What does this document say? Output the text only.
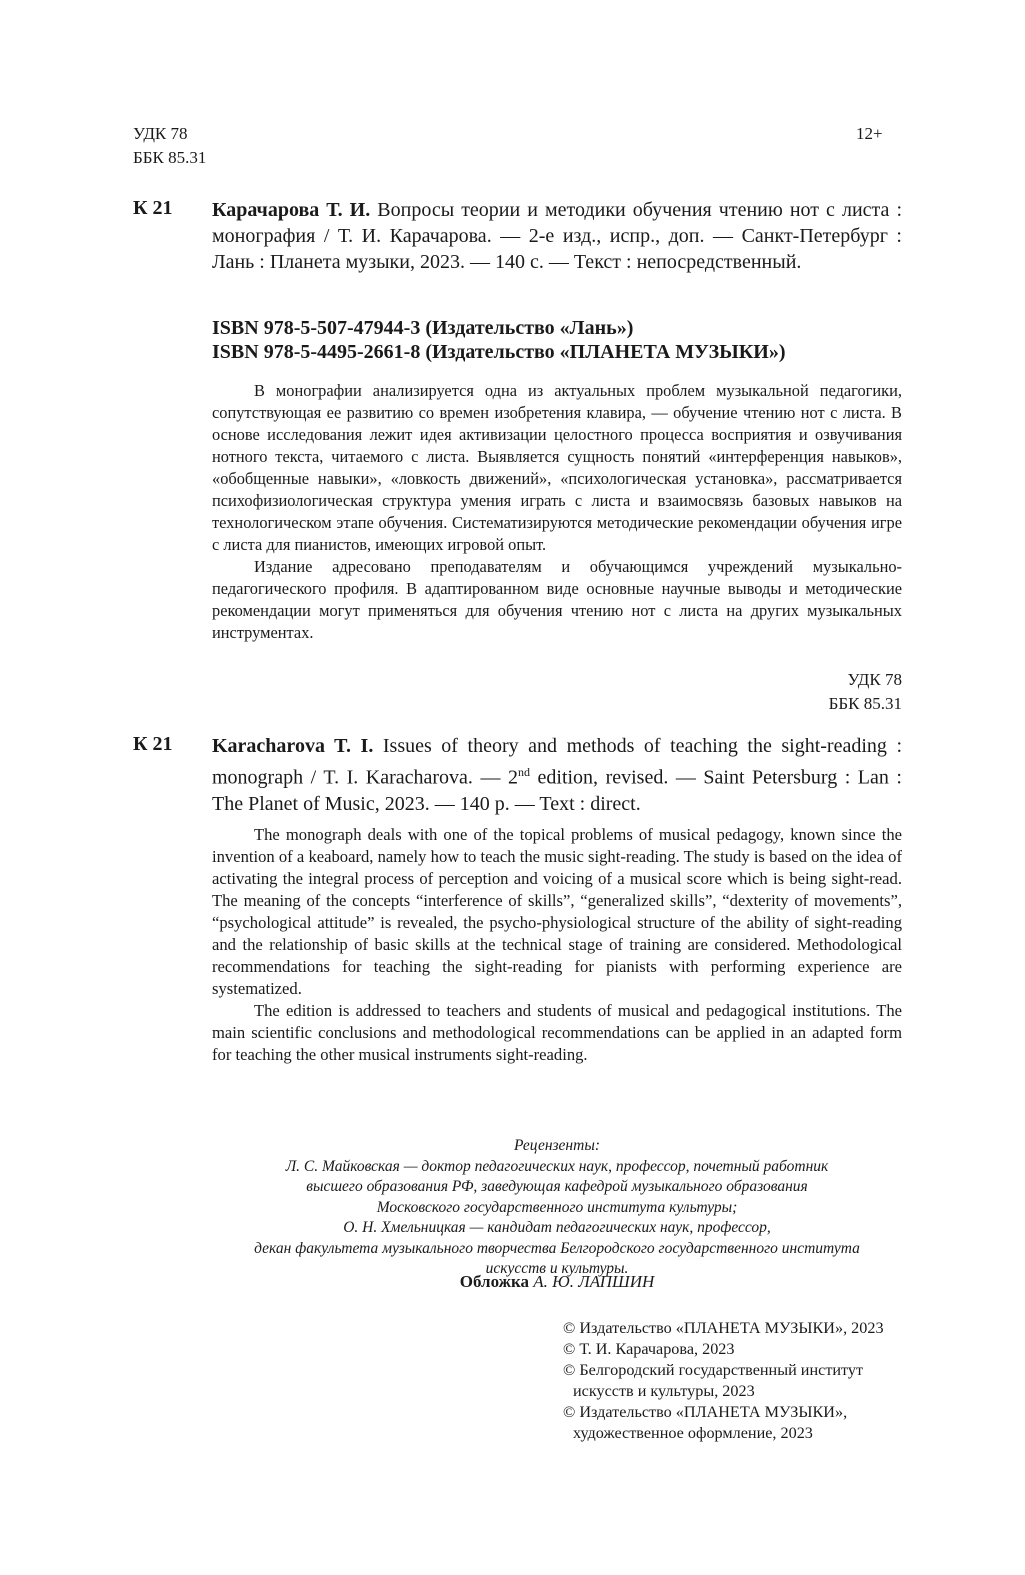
УДК 78
ББК 85.31
12+
К 21 Карачарова Т. И. Вопросы теории и методики обучения чтению нот с листа : монография / Т. И. Карачарова. — 2-е изд., испр., доп. — Санкт-Петербург : Лань : Планета музыки, 2023. — 140 с. — Текст : непосредственный.
ISBN 978-5-507-47944-3 (Издательство «Лань»)
ISBN 978-5-4495-2661-8 (Издательство «ПЛАНЕТА МУЗЫКИ»)

В монографии анализируется одна из актуальных проблем музыкальной педагогики, сопутствующая ее развитию со времен изобретения клавира, — обучение чтению нот с листа. В основе исследования лежит идея активизации целостного процесса восприятия и озвучивания нотного текста, читаемого с листа. Выявляется сущность понятий «интерференция навыков», «обобщенные навыки», «ловкость движений», «психологическая установка», рассматривается психофизиологическая структура умения играть с листа и взаимосвязь базовых навыков на технологическом этапе обучения. Систематизируются методические рекомендации обучения игре с листа для пианистов, имеющих игровой опыт.

Издание адресовано преподавателям и обучающимся учреждений музыкально-педагогического профиля. В адаптированном виде основные научные выводы и методические рекомендации могут применяться для обучения чтению нот с листа на других музыкальных инструментах.

УДК 78
ББК 85.31
К 21 Karacharova T. I. Issues of theory and methods of teaching the sight-reading : monograph / T. I. Karacharova. — 2nd edition, revised. — Saint Petersburg : Lan : The Planet of Music, 2023. — 140 p. — Text : direct.

The monograph deals with one of the topical problems of musical pedagogy, known since the invention of a keaboard, namely how to teach the music sight-reading. The study is based on the idea of activating the integral process of perception and voicing of a musical score which is being sight-read. The meaning of the concepts “interference of skills”, “generalized skills”, “dexterity of movements”, “psychological attitude” is revealed, the psycho-physiological structure of the ability of sight-reading and the relationship of basic skills at the technical stage of training are considered. Methodological recommendations for teaching the sight-reading for pianists with performing experience are systematized.

The edition is addressed to teachers and students of musical and pedagogical institutions. The main scientific conclusions and methodological recommendations can be applied in an adapted form for teaching the other musical instruments sight-reading.

Рецензенты:
Л. С. Майковская — доктор педагогических наук, профессор, почетный работник
высшего образования РФ, заведующая кафедрой музыкального образования
Московского государственного института культуры;
О. Н. Хмельницкая — кандидат педагогических наук, профессор,
декан факультета музыкального творчества Белгородского государственного института
искусств и культуры.
Обложка А. Ю. ЛАПШИН
© Издательство «ПЛАНЕТА МУЗЫКИ», 2023
© Т. И. Карачарова, 2023
© Белгородский государственный институт
искусств и культуры, 2023
© Издательство «ПЛАНЕТА МУЗЫКИ»,
художественное оформление, 2023
